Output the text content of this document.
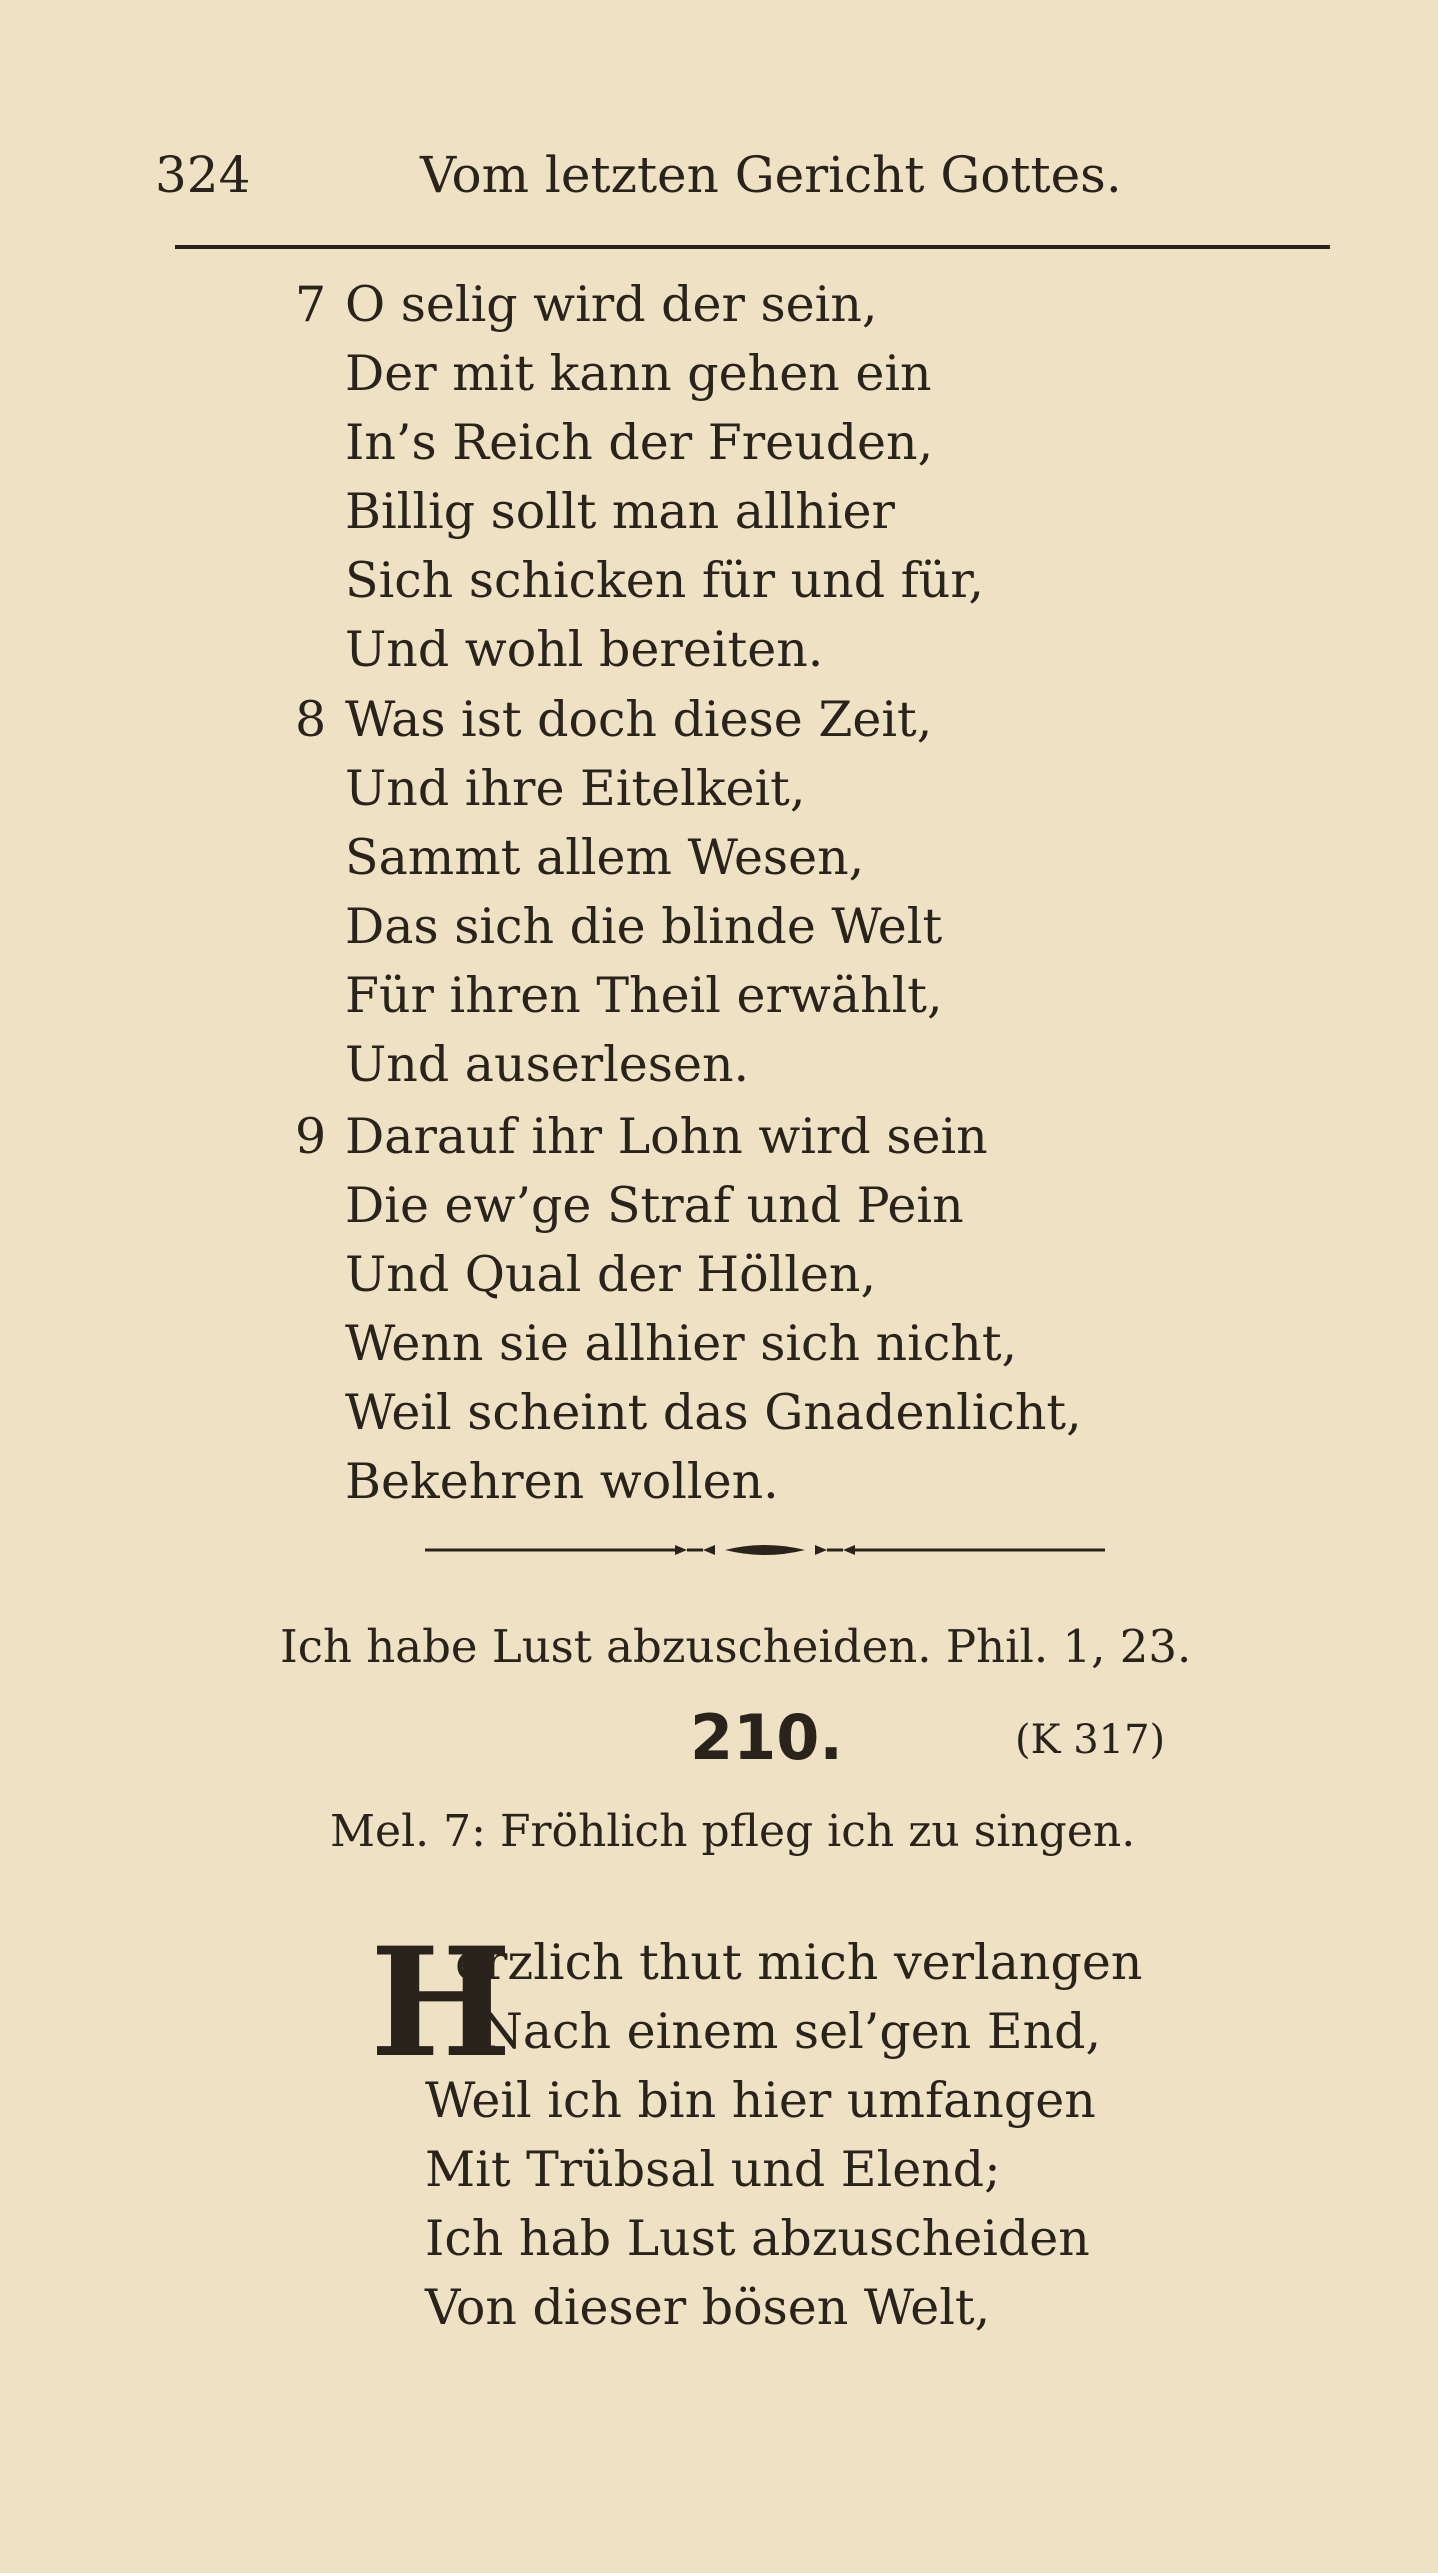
324	Vom letzten Gericht Gottes.
7 O selig wird der sein,
Der mit kann gehen ein
In’s Reich der Freuden,
Billig sollt man allhier
Sich schicken für und für,
Und wohl bereiten.
8 Was ist doch diese Zeit,
Und ihre Eitelkeit,
Sammt allem Wesen,
Das sich die blinde Welt
Für ihren Theil erwählt,
Und auserlesen.
9 Darauf ihr Lohn wird sein
Die ew’ge Straf und Pein
Und Qual der Höllen,
Wenn sie allhier sich nicht,
Weil scheint das Gnadenlicht,
Bekehren wollen.
Ich habe Lust abzuscheiden. Phil. 1, 23.
210.	(K 317)
Mel. 7: Fröhlich pfleg ich zu singen.
H
erzlich thut mich verlangen
Nach einem sel’gen End,
Weil ich bin hier umfangen
Mit Trübsal und Elend;
Ich hab Lust abzuscheiden
Von dieser bösen Welt,
